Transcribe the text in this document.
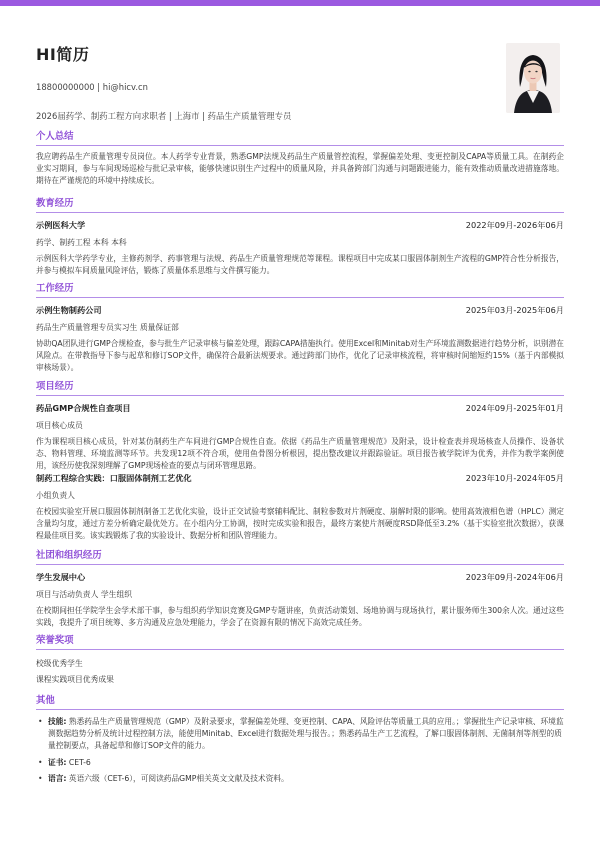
HI简历
18800000000 | hi@hicv.cn
2026届药学、制药工程方向求职者 | 上海市 | 药品生产质量管理专员
个人总结
我应聘药品生产质量管理专员岗位。本人药学专业背景，熟悉GMP法规及药品生产质量管控流程，掌握偏差处理、变更控制及CAPA等质量工具。在制药企业实习期间，参与车间现场巡检与批记录审核，能够快速识别生产过程中的质量风险，并具备跨部门沟通与问题跟进能力，能有效推动质量改进措施落地。期待在严谨规范的环境中持续成长。
教育经历
示例医科大学	2022年09月-2026年06月
药学、制药工程 本科 本科
示例医科大学药学专业，主修药剂学、药事管理与法规、药品生产质量管理规范等课程。课程项目中完成某口服固体制剂生产流程的GMP符合性分析报告，并参与模拟车间质量风险评估，锻炼了质量体系思维与文件撰写能力。
工作经历
示例生物制药公司	2025年03月-2025年06月
药品生产质量管理专员实习生 质量保证部
协助QA团队进行GMP合规检查，参与批生产记录审核与偏差处理，跟踪CAPA措施执行。使用Excel和Minitab对生产环境监测数据进行趋势分析，识别潜在风险点。在带教指导下参与起草和修订SOP文件，确保符合最新法规要求。通过跨部门协作，优化了记录审核流程，将审核时间缩短约15%（基于内部模拟审核场景）。
项目经历
药品GMP合规性自查项目	2024年09月-2025年01月
项目核心成员
作为课程项目核心成员，针对某仿制药生产车间进行GMP合规性自查。依据《药品生产质量管理规范》及附录，设计检查表并现场核查人员操作、设备状态、物料管理、环境监测等环节。共发现12项不符合项，使用鱼骨图分析根因，提出整改建议并跟踪验证。项目报告被学院评为优秀，并作为教学案例使用，该经历使我深刻理解了GMP现场检查的要点与闭环管理思路。
制药工程综合实践：口服固体制剂工艺优化	2023年10月-2024年05月
小组负责人
在校园实验室开展口服固体制剂制备工艺优化实验，设计正交试验考察辅料配比、制粒参数对片剂硬度、崩解时限的影响。使用高效液相色谱（HPLC）测定含量均匀度，通过方差分析确定最优处方。在小组内分工协调，按时完成实验和报告，最终方案使片剂硬度RSD降低至3.2%（基于实验室批次数据），获课程最佳项目奖。该实践锻炼了我的实验设计、数据分析和团队管理能力。
社团和组织经历
学生发展中心	2023年09月-2024年06月
项目与活动负责人 学生组织
在校期间担任学院学生会学术部干事，参与组织药学知识竞赛及GMP专题讲座，负责活动策划、场地协调与现场执行，累计服务师生300余人次。通过这些实践，我提升了项目统筹、多方沟通及应急处理能力，学会了在资源有限的情况下高效完成任务。
荣誉奖项
校级优秀学生
课程实践项目优秀成果
其他
• 技能: 熟悉药品生产质量管理规范（GMP）及附录要求，掌握偏差处理、变更控制、CAPA、风险评估等质量工具的应用。；掌握批生产记录审核、环境监测数据趋势分析及统计过程控制方法，能使用Minitab、Excel进行数据处理与报告。；熟悉药品生产工艺流程，了解口服固体制剂、无菌制剂等剂型的质量控制要点，具备起草和修订SOP文件的能力。
• 证书: CET-6
• 语言: 英语六级（CET-6），可阅读药品GMP相关英文文献及技术资料。
